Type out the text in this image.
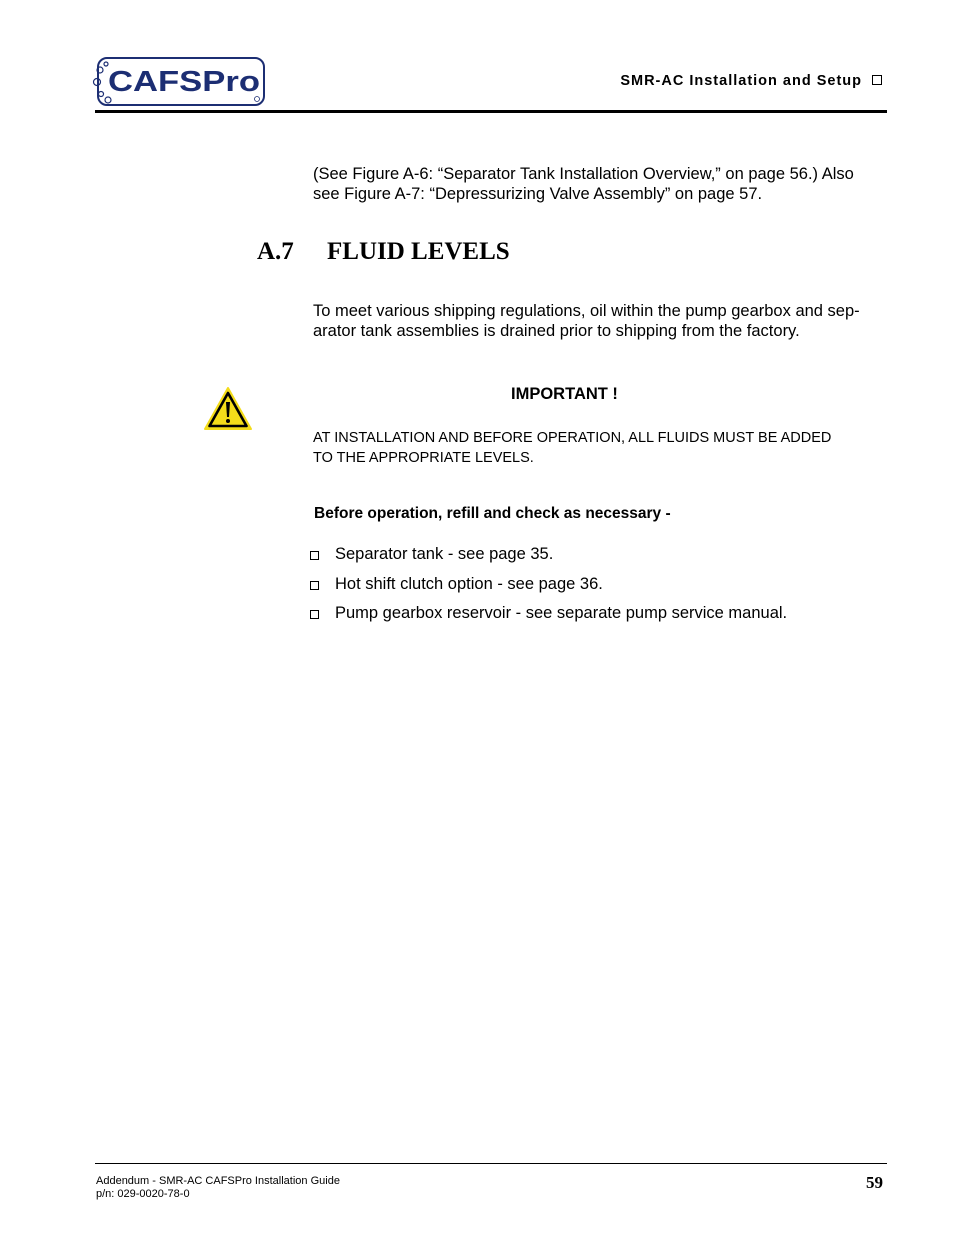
CAFSPro	SMR-AC Installation and Setup
(See Figure A-6: “Separator Tank Installation Overview,” on page 56.) Also
see Figure A-7: “Depressurizing Valve Assembly” on page 57.
A.7 FLUID LEVELS
To meet various shipping regulations, oil within the pump gearbox and sep-
arator tank assemblies is drained prior to shipping from the factory.
IMPORTANT !
AT INSTALLATION AND BEFORE OPERATION, ALL FLUIDS MUST BE ADDED
TO THE APPROPRIATE LEVELS.
Before operation, refill and check as necessary -
Separator tank - see page 35.
Hot shift clutch option - see page 36.
Pump gearbox reservoir - see separate pump service manual.
Addendum - SMR-AC CAFSPro Installation Guide
p/n: 029-0020-78-0
59
